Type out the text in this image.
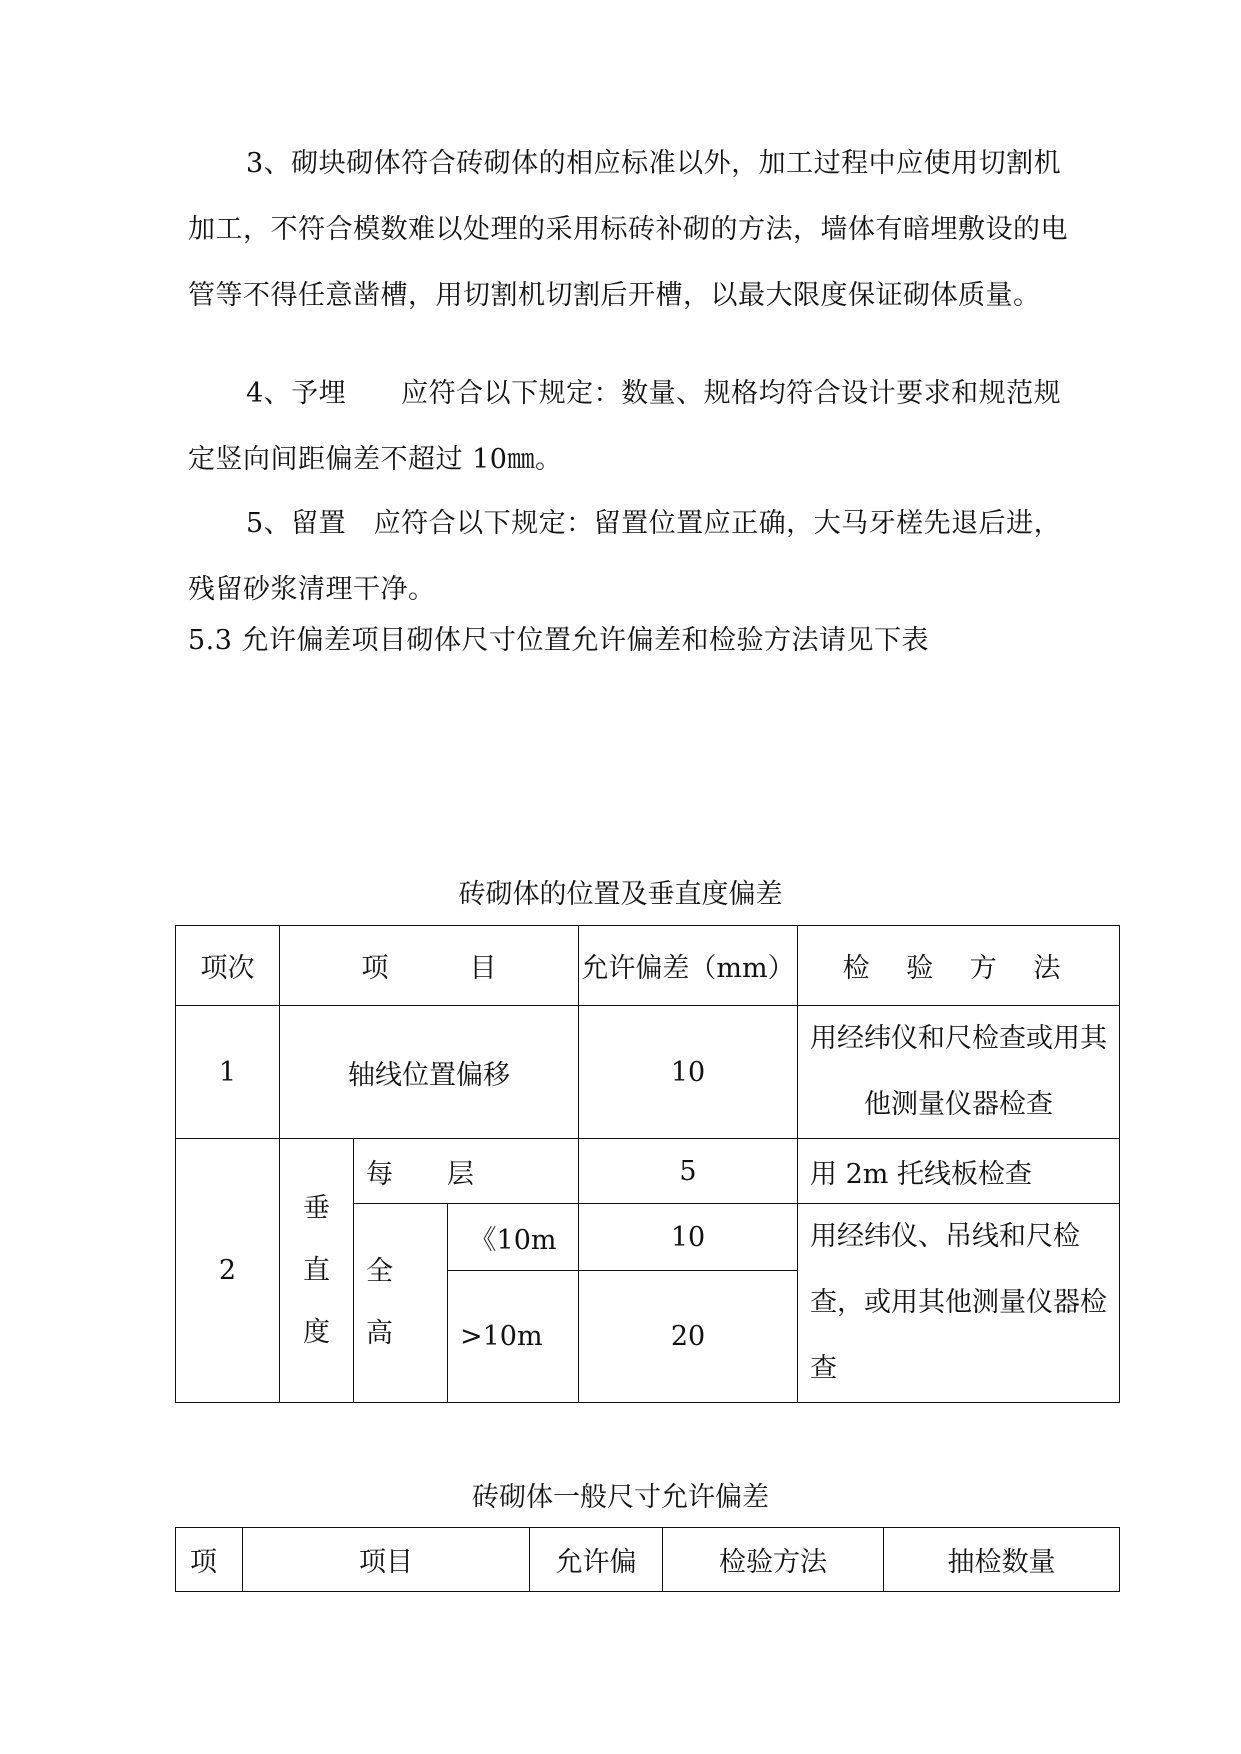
3、砌块砌体符合砖砌体的相应标准以外，加工过程中应使用切割机加工，不符合模数难以处理的采用标砖补砌的方法，墙体有暗埋敷设的电管等不得任意凿槽，用切割机切割后开槽，以最大限度保证砌体质量。

4、予埋　　应符合以下规定：数量、规格均符合设计要求和规范规定竖向间距偏差不超过 10㎜。

5、留置　应符合以下规定：留置位置应正确，大马牙槎先退后进，残留砂浆清理干净。

5.3 允许偏差项目砌体尺寸位置允许偏差和检验方法请见下表

砖砌体的位置及垂直度偏差

项次	项　　　目			允许偏差（mm）	检 验 方 法
1	轴线位置偏移			10	用经纬仪和尺检查或用其他测量仪器检查
2	垂直度	每　　层		5	用 2m 托线板检查
		全高	《10m	10	用经纬仪、吊线和尺检查，或用其他测量仪器检查
			>10m	20	

砖砌体一般尺寸允许偏差

项	项目	允许偏	检验方法	抽检数量
